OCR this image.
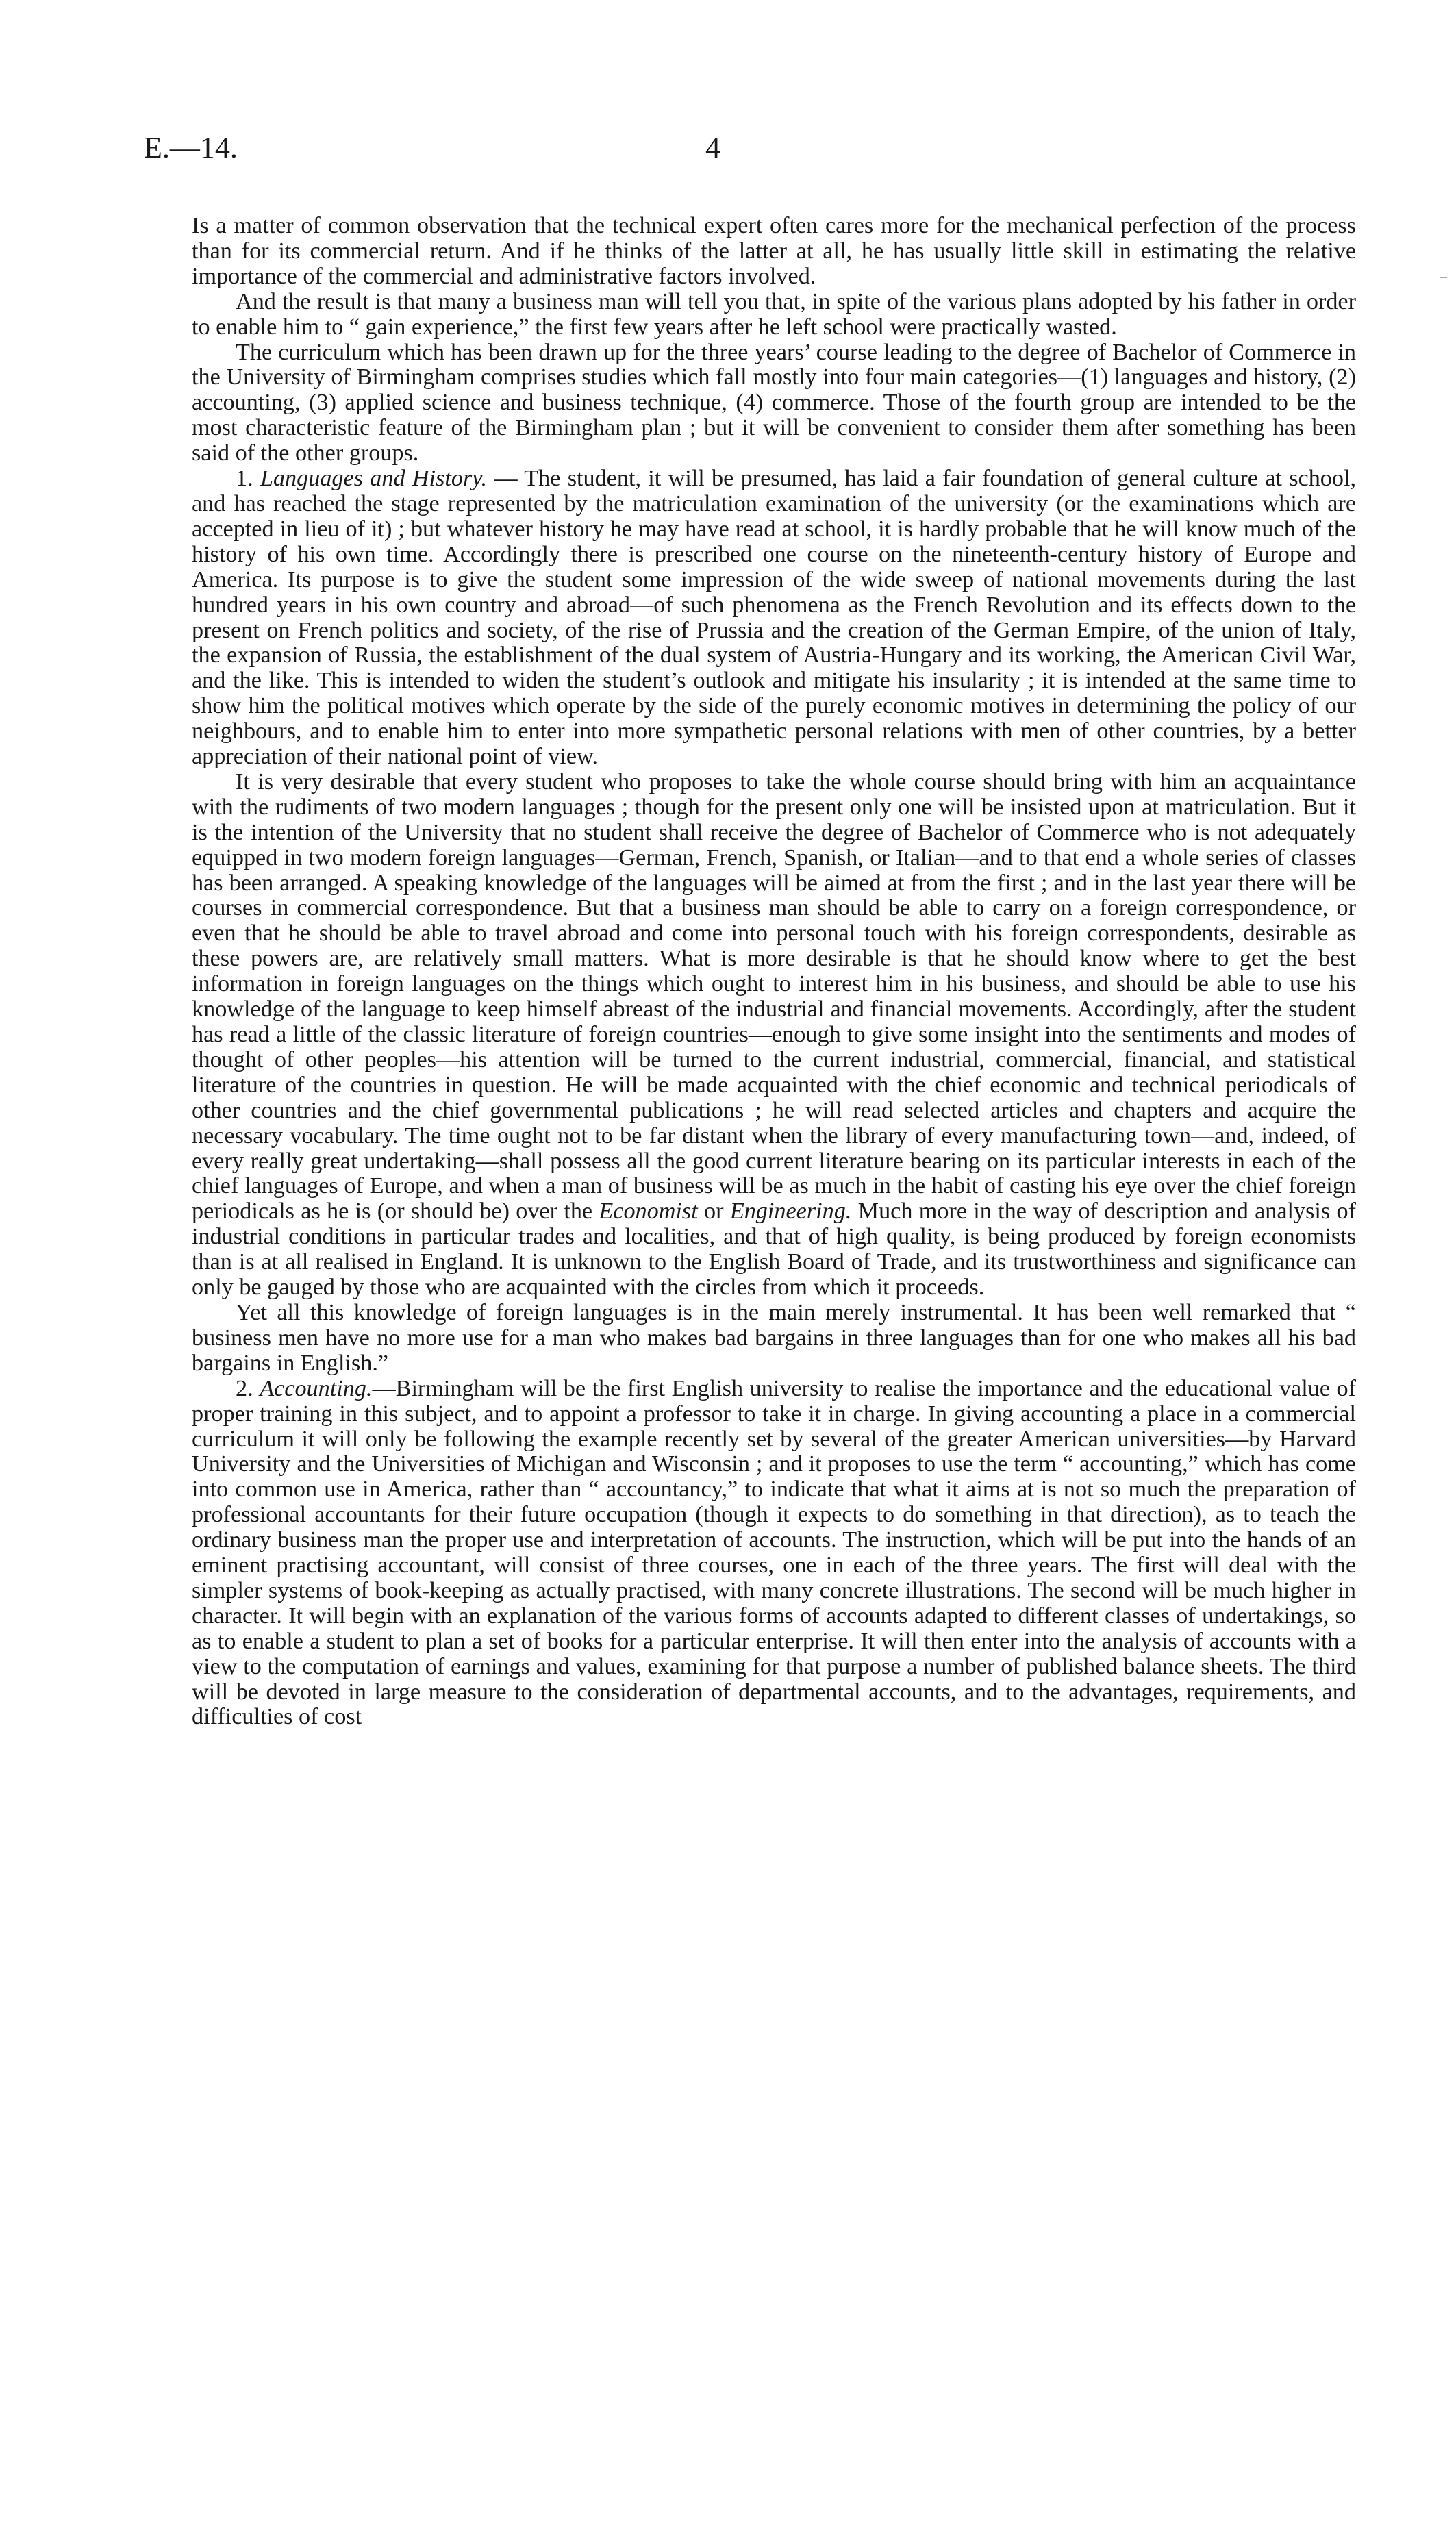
E.—14.	4

Is a matter of common observation that the technical expert often cares more for the mechanical perfection of the process than for its commercial return. And if he thinks of the latter at all, he has usually little skill in estimating the relative importance of the commercial and administrative factors involved.

And the result is that many a business man will tell you that, in spite of the various plans adopted by his father in order to enable him to “ gain experience,” the first few years after he left school were practically wasted.

The curriculum which has been drawn up for the three years’ course leading to the degree of Bachelor of Commerce in the University of Birmingham comprises studies which fall mostly into four main categories—(1) languages and history, (2) accounting, (3) applied science and business technique, (4) commerce. Those of the fourth group are intended to be the most characteristic feature of the Birmingham plan ; but it will be convenient to consider them after something has been said of the other groups.

1. Languages and History. — The student, it will be presumed, has laid a fair foundation of general culture at school, and has reached the stage represented by the matriculation examination of the university (or the examinations which are accepted in lieu of it) ; but whatever history he may have read at school, it is hardly probable that he will know much of the history of his own time. Accordingly there is prescribed one course on the nineteenth-century history of Europe and America. Its purpose is to give the student some impression of the wide sweep of national movements during the last hundred years in his own country and abroad—of such phenomena as the French Revolution and its effects down to the present on French politics and society, of the rise of Prussia and the creation of the German Empire, of the union of Italy, the expansion of Russia, the establishment of the dual system of Austria-Hungary and its working, the American Civil War, and the like. This is intended to widen the student’s outlook and mitigate his insularity ; it is intended at the same time to show him the political motives which operate by the side of the purely economic motives in determining the policy of our neighbours, and to enable him to enter into more sympathetic personal relations with men of other countries, by a better appreciation of their national point of view.

It is very desirable that every student who proposes to take the whole course should bring with him an acquaintance with the rudiments of two modern languages ; though for the present only one will be insisted upon at matriculation. But it is the intention of the University that no student shall receive the degree of Bachelor of Commerce who is not adequately equipped in two modern foreign languages—German, French, Spanish, or Italian—and to that end a whole series of classes has been arranged. A speaking knowledge of the languages will be aimed at from the first ; and in the last year there will be courses in commercial correspondence. But that a business man should be able to carry on a foreign correspondence, or even that he should be able to travel abroad and come into personal touch with his foreign correspondents, desirable as these powers are, are relatively small matters. What is more desirable is that he should know where to get the best information in foreign languages on the things which ought to interest him in his business, and should be able to use his knowledge of the language to keep himself abreast of the industrial and financial movements. Accordingly, after the student has read a little of the classic literature of foreign countries—enough to give some insight into the sentiments and modes of thought of other peoples—his attention will be turned to the current industrial, commercial, financial, and statistical literature of the countries in question. He will be made acquainted with the chief economic and technical periodicals of other countries and the chief governmental publications ; he will read selected articles and chapters and acquire the necessary vocabulary. The time ought not to be far distant when the library of every manufacturing town—and, indeed, of every really great undertaking—shall possess all the good current literature bearing on its particular interests in each of the chief languages of Europe, and when a man of business will be as much in the habit of casting his eye over the chief foreign periodicals as he is (or should be) over the Economist or Engineering. Much more in the way of description and analysis of industrial conditions in particular trades and localities, and that of high quality, is being produced by foreign economists than is at all realised in England. It is unknown to the English Board of Trade, and its trustworthiness and significance can only be gauged by those who are acquainted with the circles from which it proceeds.

Yet all this knowledge of foreign languages is in the main merely instrumental. It has been well remarked that “ business men have no more use for a man who makes bad bargains in three languages than for one who makes all his bad bargains in English.”

2. Accounting.—Birmingham will be the first English university to realise the importance and the educational value of proper training in this subject, and to appoint a professor to take it in charge. In giving accounting a place in a commercial curriculum it will only be following the example recently set by several of the greater American universities—by Harvard University and the Universities of Michigan and Wisconsin ; and it proposes to use the term “ accounting,” which has come into common use in America, rather than “ accountancy,” to indicate that what it aims at is not so much the preparation of professional accountants for their future occupation (though it expects to do something in that direction), as to teach the ordinary business man the proper use and interpretation of accounts. The instruction, which will be put into the hands of an eminent practising accountant, will consist of three courses, one in each of the three years. The first will deal with the simpler systems of book-keeping as actually practised, with many concrete illustrations. The second will be much higher in character. It will begin with an explanation of the various forms of accounts adapted to different classes of undertakings, so as to enable a student to plan a set of books for a particular enterprise. It will then enter into the analysis of accounts with a view to the computation of earnings and values, examining for that purpose a number of published balance sheets. The third will be devoted in large measure to the consideration of departmental accounts, and to the advantages, requirements, and difficulties of cost

–
